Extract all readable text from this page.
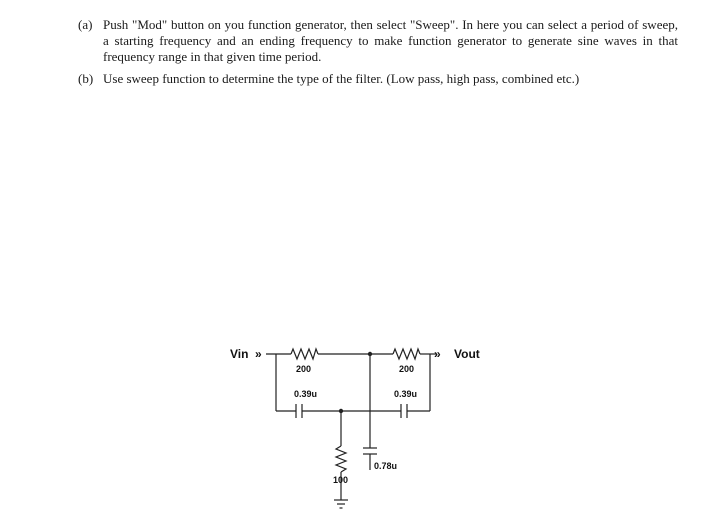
(a) Push "Mod" button on you function generator, then select "Sweep". In here you can select a period of sweep, a starting frequency and an ending frequency to make function generator to generate sine waves in that frequency range in that given time period.
(b) Use sweep function to determine the type of the filter. (Low pass, high pass, combined etc.)
Vin »	» Vout
200	200
0.39u	0.39u
100
0.78u
